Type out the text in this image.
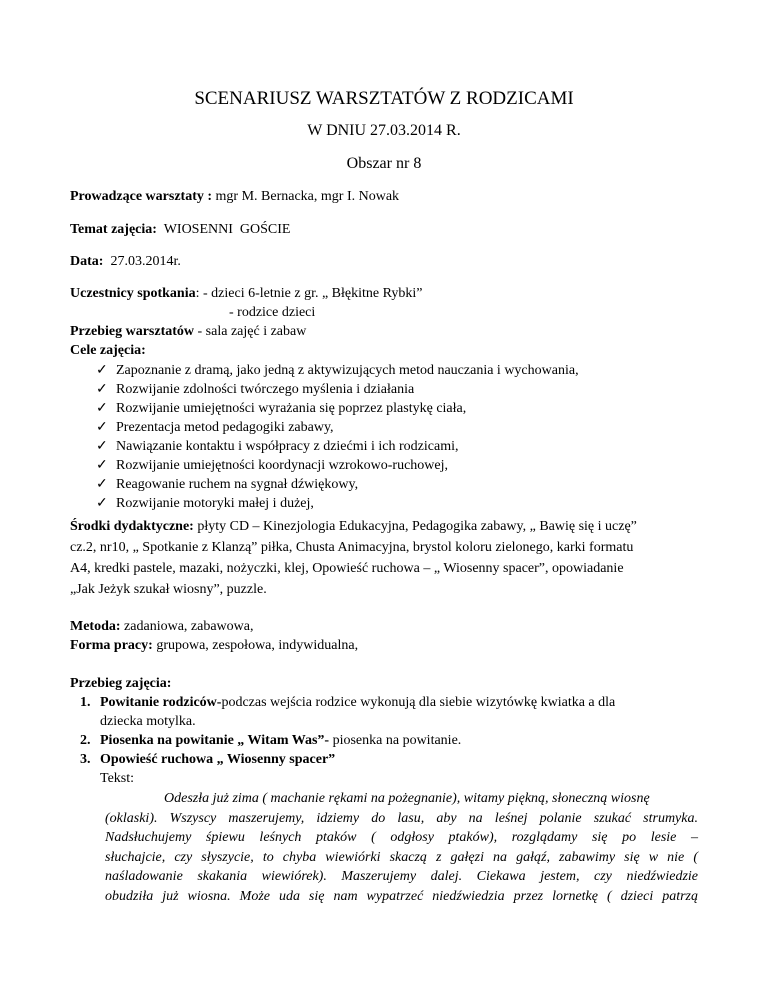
SCENARIUSZ WARSZTATÓW Z RODZICAMI
W DNIU 27.03.2014 R.
Obszar nr 8
Prowadzące warsztaty : mgr M. Bernacka, mgr I. Nowak
Temat zajęcia:  WIOSENNI  GOŚCIE
Data:  27.03.2014r.
Uczestnicy spotkania: - dzieci 6-letnie z gr. „ Błękitne Rybki”
- rodzice dzieci
Przebieg warsztatów - sala zajęć i zabaw
Cele zajęcia:
✓ Zapoznanie z dramą, jako jedną z aktywizujących metod nauczania i wychowania,
✓ Rozwijanie zdolności twórczego myślenia i działania
✓ Rozwijanie umiejętności wyrażania się poprzez plastykę ciała,
✓ Prezentacja metod pedagogiki zabawy,
✓ Nawiązanie kontaktu i współpracy z dziećmi i ich rodzicami,
✓ Rozwijanie umiejętności koordynacji wzrokowo-ruchowej,
✓ Reagowanie ruchem na sygnał dźwiękowy,
✓ Rozwijanie motoryki małej i dużej,
Środki dydaktyczne: płyty CD – Kinezjologia Edukacyjna, Pedagogika zabawy, „ Bawię się i uczę”
cz.2, nr10, „ Spotkanie z Klanzą” piłka, Chusta Animacyjna, brystol koloru zielonego, karki formatu
A4, kredki pastele, mazaki, nożyczki, klej, Opowieść ruchowa – „ Wiosenny spacer”, opowiadanie
„Jak Jeżyk szukał wiosny”, puzzle.
Metoda: zadaniowa, zabawowa,
Forma pracy: grupowa, zespołowa, indywidualna,
Przebieg zajęcia:
1. Powitanie rodziców-podczas wejścia rodzice wykonują dla siebie wizytówkę kwiatka a dla
dziecka motylka.
2. Piosenka na powitanie „ Witam Was”- piosenka na powitanie.
3. Opowieść ruchowa „ Wiosenny spacer”
Tekst:
Odeszła już zima ( machanie rękami na pożegnanie), witamy piękną, słoneczną wiosnę
(oklaski). Wszyscy maszerujemy, idziemy do lasu, aby na leśnej polanie szukać strumyka.
Nadsłuchujemy śpiewu leśnych ptaków ( odgłosy ptaków), rozglądamy się po lesie –
słuchajcie, czy słyszycie, to chyba wiewiórki skaczą z gałęzi na gałąź, zabawimy się w nie (
naśladowanie skakania wiewiórek). Maszerujemy dalej. Ciekawa jestem, czy niedźwiedzie
obudziła już wiosna. Może uda się nam wypatrzeć niedźwiedzia przez lornetkę ( dzieci patrzą
